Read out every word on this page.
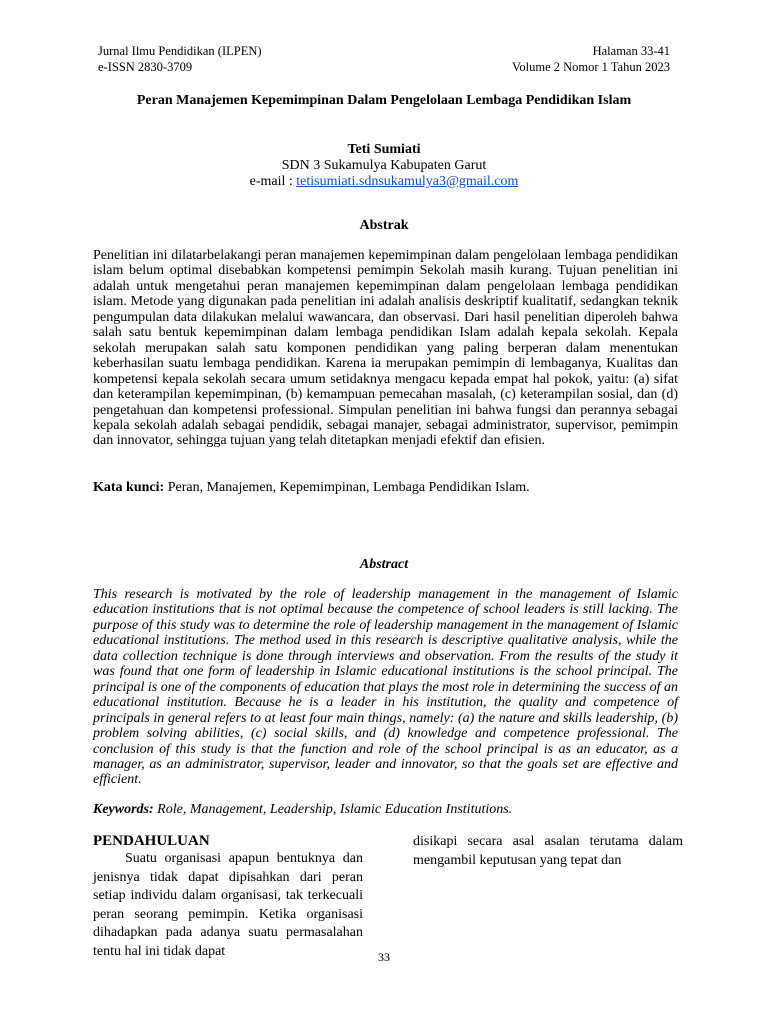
Jurnal Ilmu Pendidikan (ILPEN)
e-ISSN 2830-3709
Halaman 33-41
Volume 2 Nomor 1 Tahun 2023
Peran Manajemen Kepemimpinan Dalam Pengelolaan Lembaga Pendidikan Islam
Teti Sumiati
SDN 3 Sukamulya Kabupaten Garut
e-mail : tetisumiati.sdnsukamulya3@gmail.com
Abstrak
Penelitian ini dilatarbelakangi peran manajemen kepemimpinan dalam pengelolaan lembaga pendidikan islam belum optimal disebabkan kompetensi pemimpin Sekolah masih kurang. Tujuan penelitian ini adalah untuk mengetahui peran manajemen kepemimpinan dalam pengelolaan lembaga pendidikan islam. Metode yang digunakan pada penelitian ini adalah analisis deskriptif kualitatif, sedangkan teknik pengumpulan data dilakukan melalui wawancara, dan observasi. Dari hasil penelitian diperoleh bahwa salah satu bentuk kepemimpinan dalam lembaga pendidikan Islam adalah kepala sekolah. Kepala sekolah merupakan salah satu komponen pendidikan yang paling berperan dalam menentukan keberhasilan suatu lembaga pendidikan. Karena ia merupakan pemimpin di lembaganya, Kualitas dan kompetensi kepala sekolah secara umum setidaknya mengacu kepada empat hal pokok, yaitu: (a) sifat dan keterampilan kepemimpinan, (b) kemampuan pemecahan masalah, (c) keterampilan sosial, dan (d) pengetahuan dan kompetensi professional. Simpulan penelitian ini bahwa fungsi dan perannya sebagai kepala sekolah adalah sebagai pendidik, sebagai manajer, sebagai administrator, supervisor, pemimpin dan innovator, sehingga tujuan yang telah ditetapkan menjadi efektif dan efisien.
Kata kunci: Peran, Manajemen, Kepemimpinan, Lembaga Pendidikan Islam.
Abstract
This research is motivated by the role of leadership management in the management of Islamic education institutions that is not optimal because the competence of school leaders is still lacking. The purpose of this study was to determine the role of leadership management in the management of Islamic educational institutions. The method used in this research is descriptive qualitative analysis, while the data collection technique is done through interviews and observation. From the results of the study it was found that one form of leadership in Islamic educational institutions is the school principal. The principal is one of the components of education that plays the most role in determining the success of an educational institution. Because he is a leader in his institution, the quality and competence of principals in general refers to at least four main things, namely: (a) the nature and skills leadership, (b) problem solving abilities, (c) social skills, and (d) knowledge and competence professional. The conclusion of this study is that the function and role of the school principal is as an educator, as a manager, as an administrator, supervisor, leader and innovator, so that the goals set are effective and efficient.
Keywords: Role, Management, Leadership, Islamic Education Institutions.
PENDAHULUAN

Suatu organisasi apapun bentuknya dan jenisnya tidak dapat dipisahkan dari peran setiap individu dalam organisasi, tak terkecuali peran seorang pemimpin. Ketika organisasi dihadapkan pada adanya suatu permasalahan tentu hal ini tidak dapat

disikapi secara asal asalan terutama dalam mengambil keputusan yang tepat dan
33
